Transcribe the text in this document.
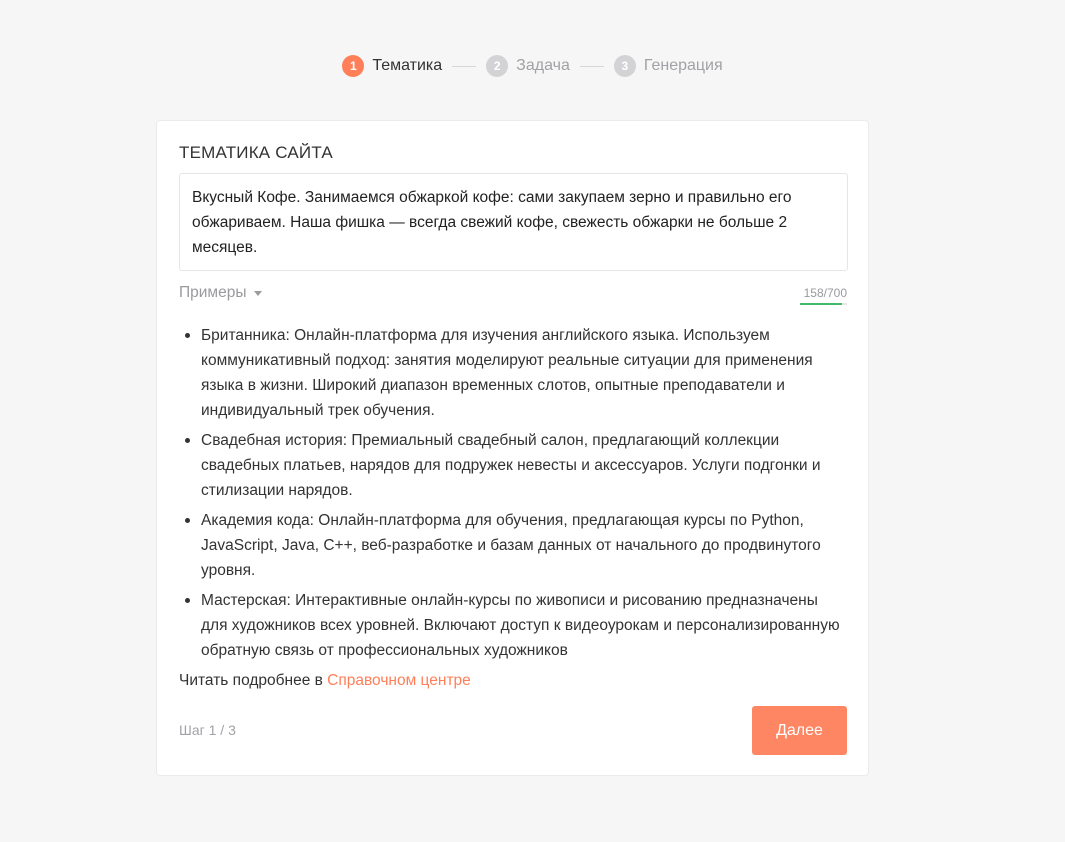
1 Тематика	2 Задача	3 Генерация
ТЕМАТИКА САЙТА
Вкусный Кофе. Занимаемся обжаркой кофе: сами закупаем зерно и правильно его обжариваем. Наша фишка — всегда свежий кофе, свежесть обжарки не больше 2 месяцев.
Примеры	158/700
Британника: Онлайн-платформа для изучения английского языка. Используем коммуникативный подход: занятия моделируют реальные ситуации для применения языка в жизни. Широкий диапазон временных слотов, опытные преподаватели и индивидуальный трек обучения.
Свадебная история: Премиальный свадебный салон, предлагающий коллекции свадебных платьев, нарядов для подружек невесты и аксессуаров. Услуги подгонки и стилизации нарядов.
Академия кода: Онлайн-платформа для обучения, предлагающая курсы по Python, JavaScript, Java, C++, веб-разработке и базам данных от начального до продвинутого уровня.
Мастерская: Интерактивные онлайн-курсы по живописи и рисованию предназначены для художников всех уровней. Включают доступ к видеоурокам и персонализированную обратную связь от профессиональных художников
Читать подробнее в Справочном центре
Шаг 1 / 3	Далее
